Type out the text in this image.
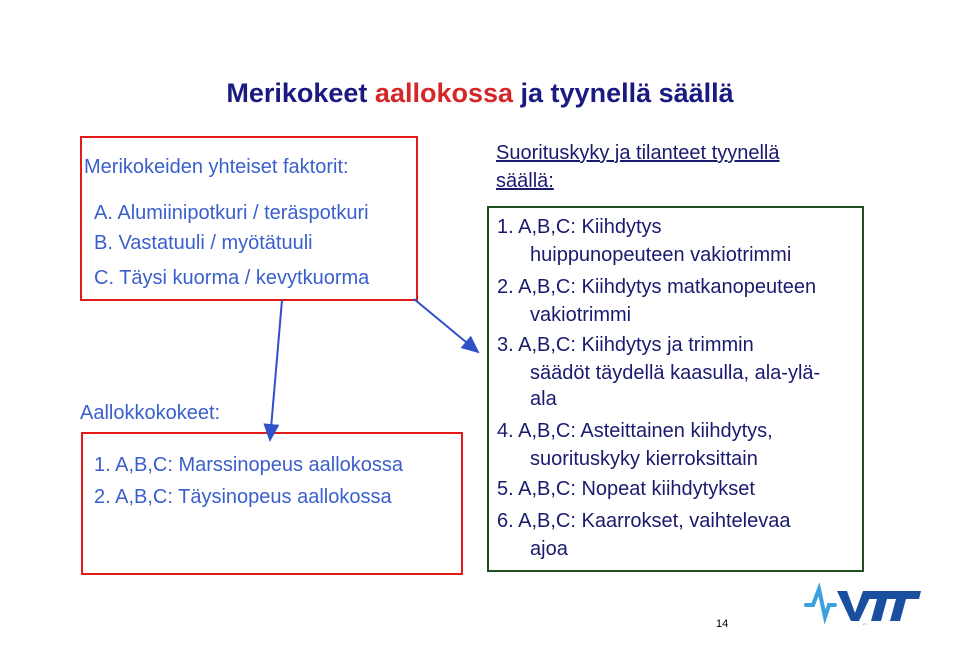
Merikokeet aallokossa ja tyynellä säällä
Merikokeiden yhteiset faktorit:
A. Alumiinipotkuri / teräspotkuri
B. Vastatuuli / myötätuuli
C. Täysi kuorma / kevytkuorma
Aallokkokokeet:
1. A,B,C: Marssinopeus aallokossa
2. A,B,C: Täysinopeus aallokossa
Suorituskyky ja tilanteet tyynellä
säällä:
1. A,B,C: Kiihdytys
huippunopeuteen vakiotrimmi
2. A,B,C: Kiihdytys matkanopeuteen
vakiotrimmi
3. A,B,C: Kiihdytys ja trimmin
säädöt täydellä kaasulla, ala-ylä-
ala
4. A,B,C: Asteittainen kiihdytys,
suorituskyky kierroksittain
5. A,B,C: Nopeat kiihdytykset
6. A,B,C: Kaarrokset, vaihtelevaa
ajoa
14	VTT
